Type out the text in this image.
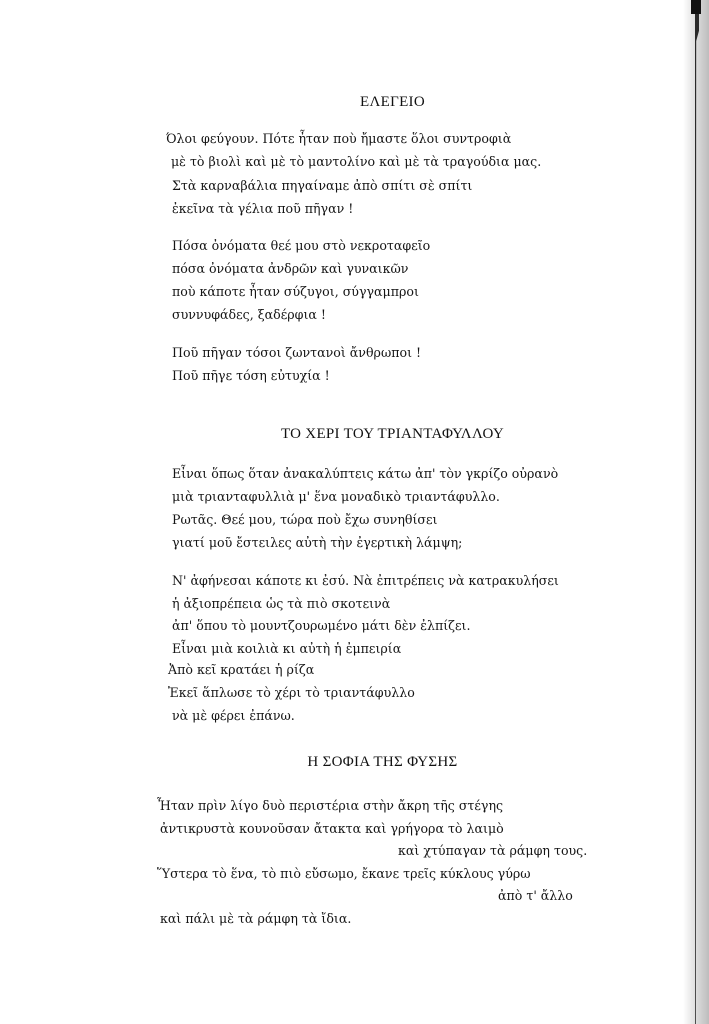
ΕΛΕΓΕΙΟ
Όλοι φεύγουν. Πότε ἦταν ποὺ ἤμαστε ὅλοι συντροφιὰ
μὲ τὸ βιολὶ καὶ μὲ τὸ μαντολίνο καὶ μὲ τὰ τραγούδια μας.
Στὰ καρναβάλια πηγαίναμε ἀπὸ σπίτι σὲ σπίτι
ἐκεῖνα τὰ γέλια ποῦ πῆγαν !
Πόσα ὀνόματα θεέ μου στὸ νεκροταφεῖο
πόσα ὀνόματα ἀνδρῶν καὶ γυναικῶν
ποὺ κάποτε ἦταν σύζυγοι, σύγγαμπροι
συννυφάδες, ξαδέρφια !
Ποῦ πῆγαν τόσοι ζωντανοὶ ἄνθρωποι !
Ποῦ πῆγε τόση εὐτυχία !
ΤΟ ΧΕΡΙ ΤΟΥ ΤΡΙΑΝΤΑΦΥΛΛΟΥ
Εἶναι ὅπως ὅταν ἀνακαλύπτεις κάτω ἀπ' τὸν γκρίζο οὐρανὸ
μιὰ τριανταφυλλιὰ μ' ἕνα μοναδικὸ τριαντάφυλλο.
Ρωτᾶς. Θεέ μου, τώρα ποὺ ἔχω συνηθίσει
γιατί μοῦ ἔστειλες αὐτὴ τὴν ἐγερτικὴ λάμψη;
Ν' ἀφήνεσαι κάποτε κι ἐσύ. Νὰ ἐπιτρέπεις νὰ κατρακυλήσει
ἡ ἀξιοπρέπεια ὡς τὰ πιὸ σκοτεινὰ
ἀπ' ὅπου τὸ μουντζουρωμένο μάτι δὲν ἐλπίζει.
Εἶναι μιὰ κοιλιὰ κι αὐτὴ ἡ ἐμπειρία
Ἀπὸ κεῖ κρατάει ἡ ρίζα
Ἐκεῖ ἅπλωσε τὸ χέρι τὸ τριαντάφυλλο
νὰ μὲ φέρει ἐπάνω.
Η ΣΟΦΙΑ ΤΗΣ ΦΥΣΗΣ
Ἦταν πρὶν λίγο δυὸ περιστέρια στὴν ἄκρη τῆς στέγης
ἀντικρυστὰ κουνοῦσαν ἄτακτα καὶ γρήγορα τὸ λαιμὸ
καὶ χτύπαγαν τὰ ράμφη τους.
Ὕστερα τὸ ἕνα, τὸ πιὸ εὔσωμο, ἔκανε τρεῖς κύκλους γύρω
ἀπὸ τ' ἄλλο
καὶ πάλι μὲ τὰ ράμφη τὰ ἴδια.
